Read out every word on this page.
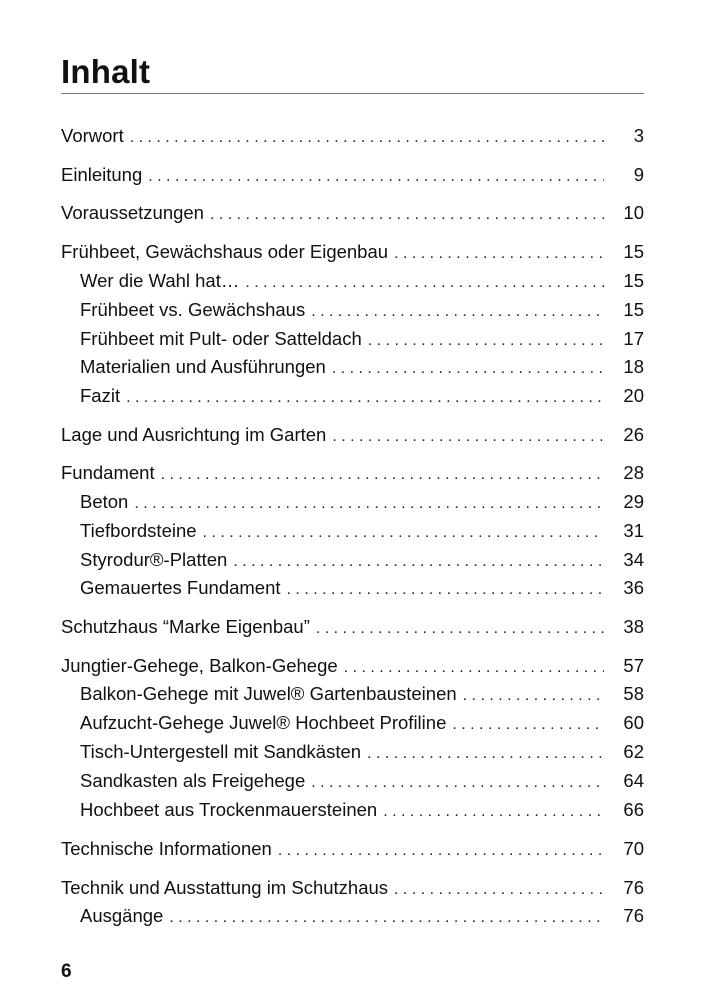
Inhalt
Vorwort . . .	3
Einleitung . . .	9
Voraussetzungen . . .	10
Frühbeet, Gewächshaus oder Eigenbau . . .	15
Wer die Wahl hat… . . .	15
Frühbeet vs. Gewächshaus . . .	15
Frühbeet mit Pult- oder Satteldach . . .	17
Materialien und Ausführungen . . .	18
Fazit . . .	20
Lage und Ausrichtung im Garten . . .	26
Fundament . . .	28
Beton . . .	29
Tiefbordsteine . . .	31
Styrodur®-Platten . . .	34
Gemauertes Fundament . . .	36
Schutzhaus “Marke Eigenbau” . . .	38
Jungtier-Gehege, Balkon-Gehege . . .	57
Balkon-Gehege mit Juwel® Gartenbausteinen . . .	58
Aufzucht-Gehege Juwel® Hochbeet Profiline . . .	60
Tisch-Untergestell mit Sandkästen . . .	62
Sandkasten als Freigehege . . .	64
Hochbeet aus Trockenmauersteinen . . .	66
Technische Informationen . . .	70
Technik und Ausstattung im Schutzhaus . . .	76
Ausgänge . . .	76
6
